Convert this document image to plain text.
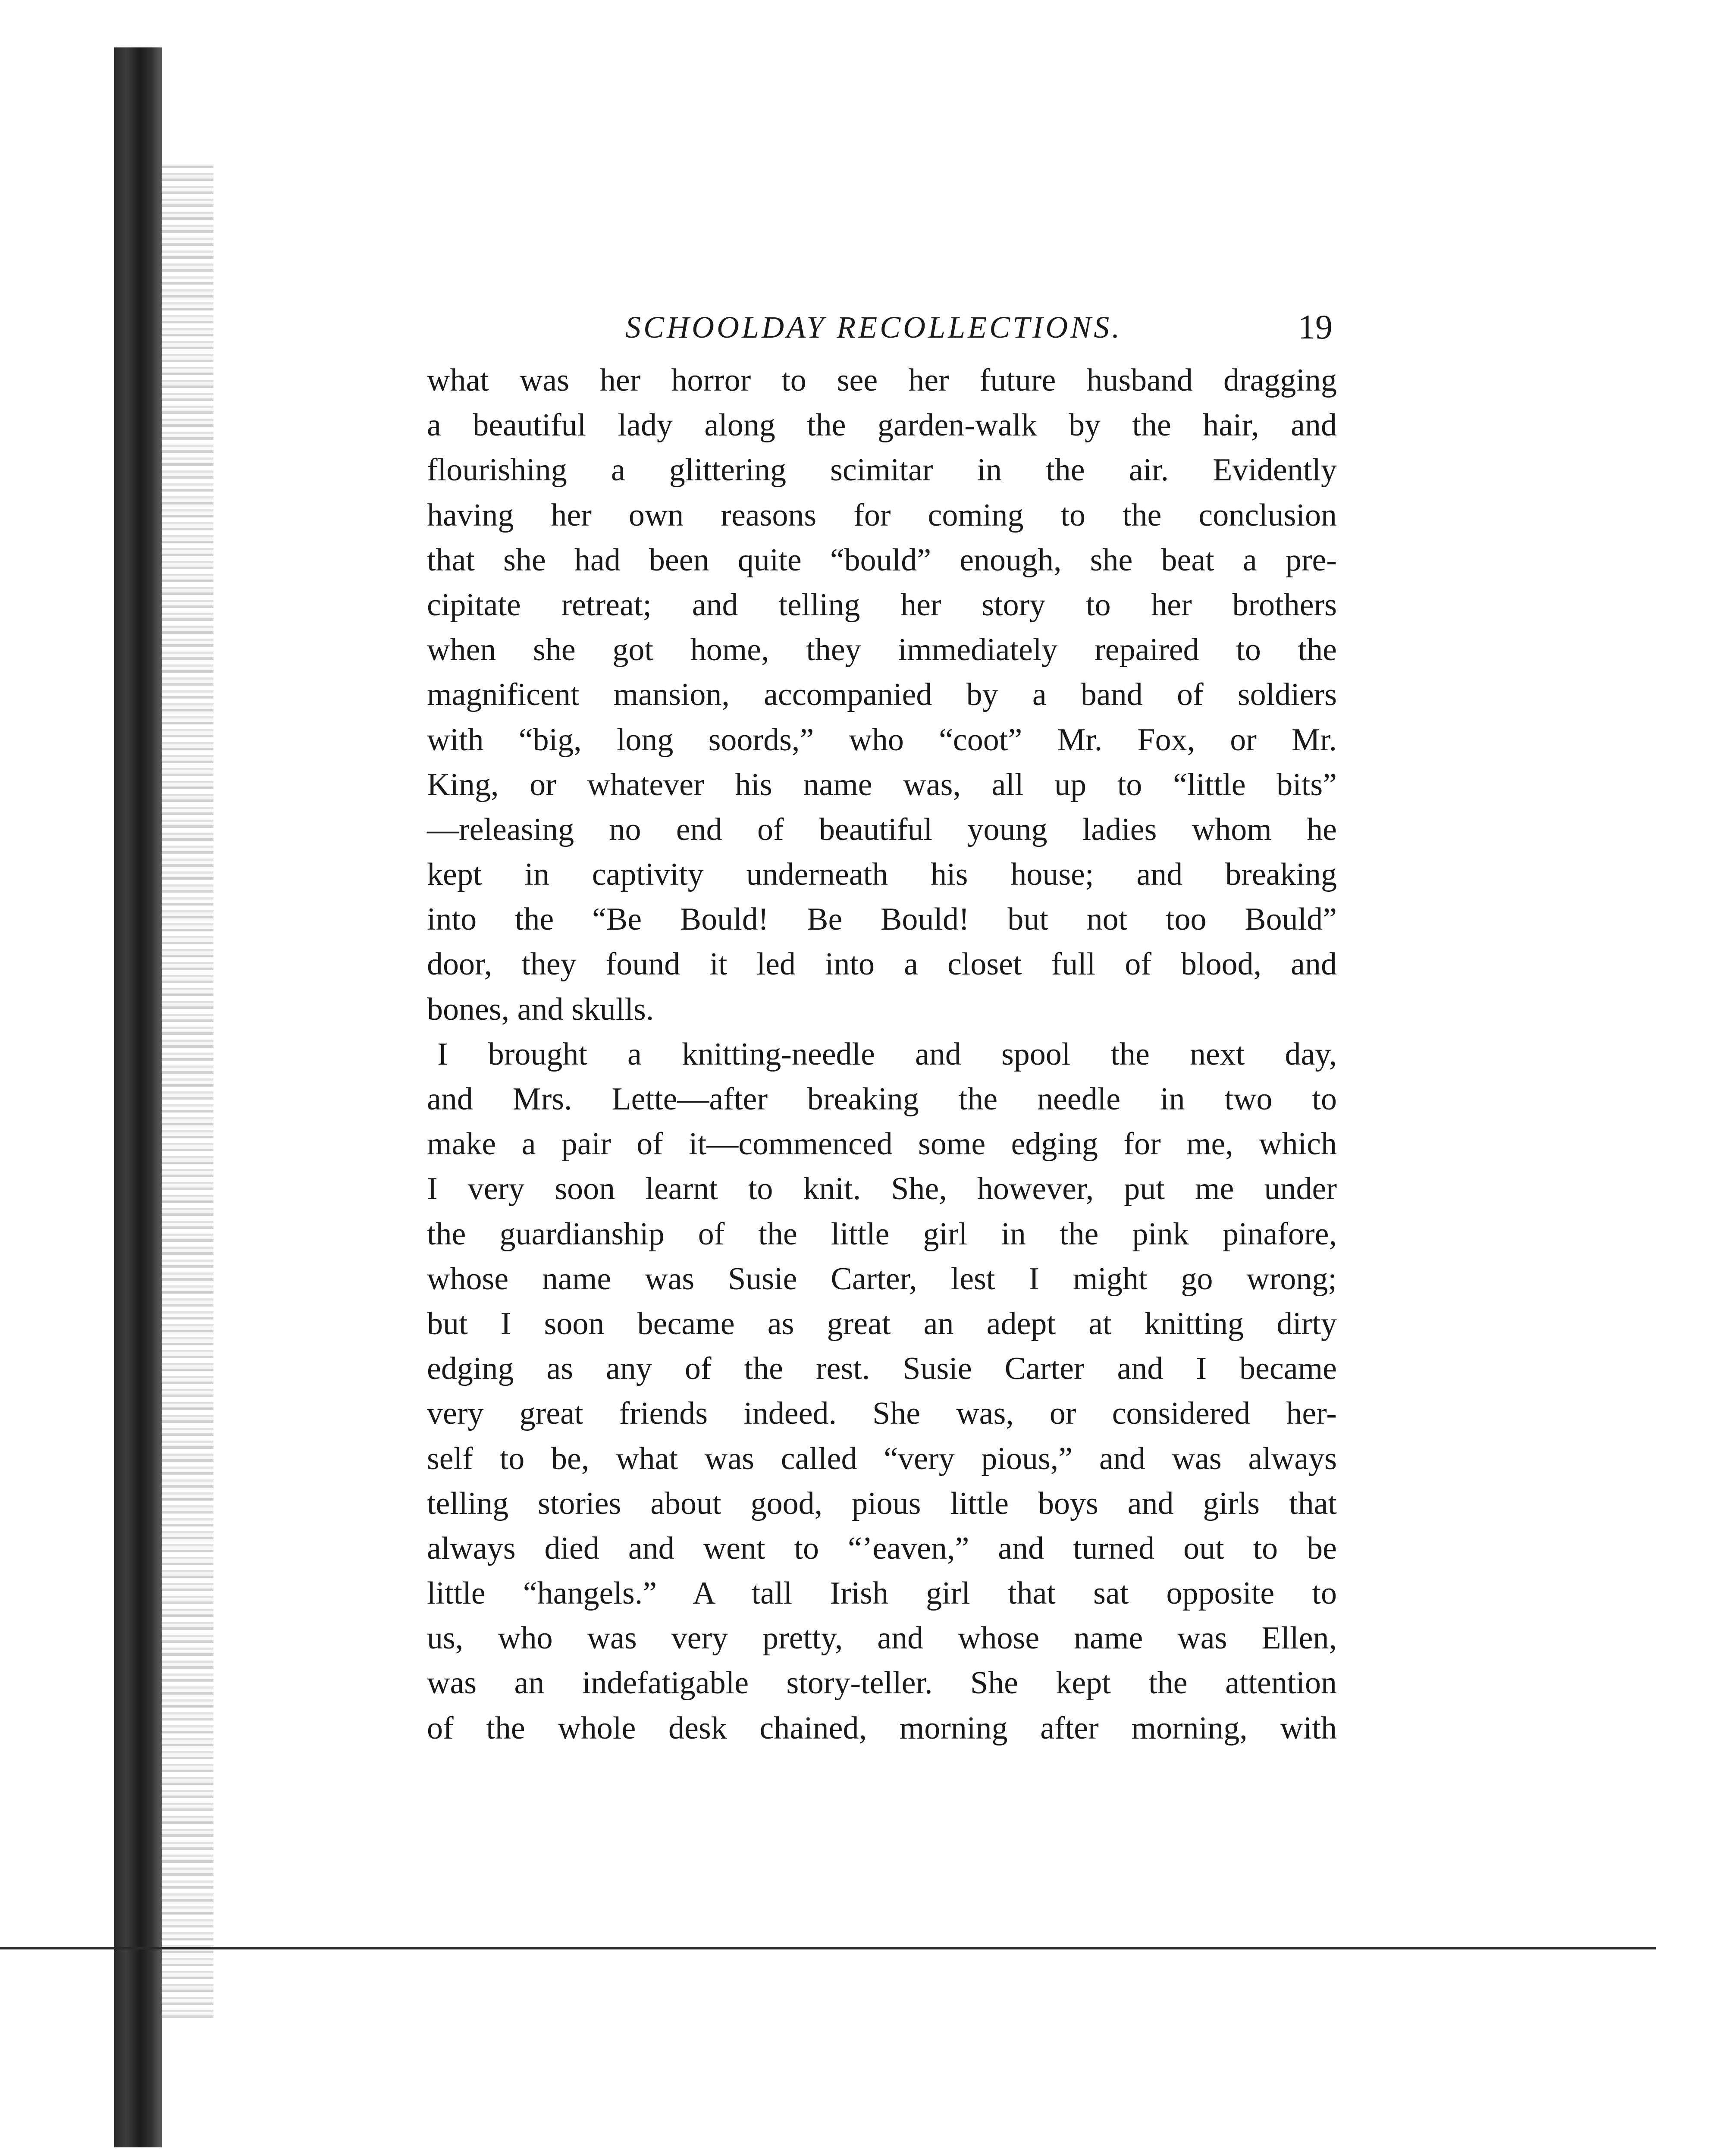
SCHOOLDAY RECOLLECTIONS.	19
what was her horror to see her future husband dragging
a beautiful lady along the garden-walk by the hair, and
flourishing a glittering scimitar in the air. Evidently
having her own reasons for coming to the conclusion
that she had been quite “bould” enough, she beat a pre-
cipitate retreat; and telling her story to her brothers
when she got home, they immediately repaired to the
magnificent mansion, accompanied by a band of soldiers
with “big, long soords,” who “coot” Mr. Fox, or Mr.
King, or whatever his name was, all up to “little bits”
—releasing no end of beautiful young ladies whom he
kept in captivity underneath his house; and breaking
into the “Be Bould! Be Bould! but not too Bould”
door, they found it led into a closet full of blood, and
bones, and skulls.
I brought a knitting-needle and spool the next day,
and Mrs. Lette—after breaking the needle in two to
make a pair of it—commenced some edging for me, which
I very soon learnt to knit. She, however, put me under
the guardianship of the little girl in the pink pinafore,
whose name was Susie Carter, lest I might go wrong;
but I soon became as great an adept at knitting dirty
edging as any of the rest. Susie Carter and I became
very great friends indeed. She was, or considered her-
self to be, what was called “very pious,” and was always
telling stories about good, pious little boys and girls that
always died and went to “’eaven,” and turned out to be
little “hangels.” A tall Irish girl that sat opposite to
us, who was very pretty, and whose name was Ellen,
was an indefatigable story-teller. She kept the attention
of the whole desk chained, morning after morning, with
